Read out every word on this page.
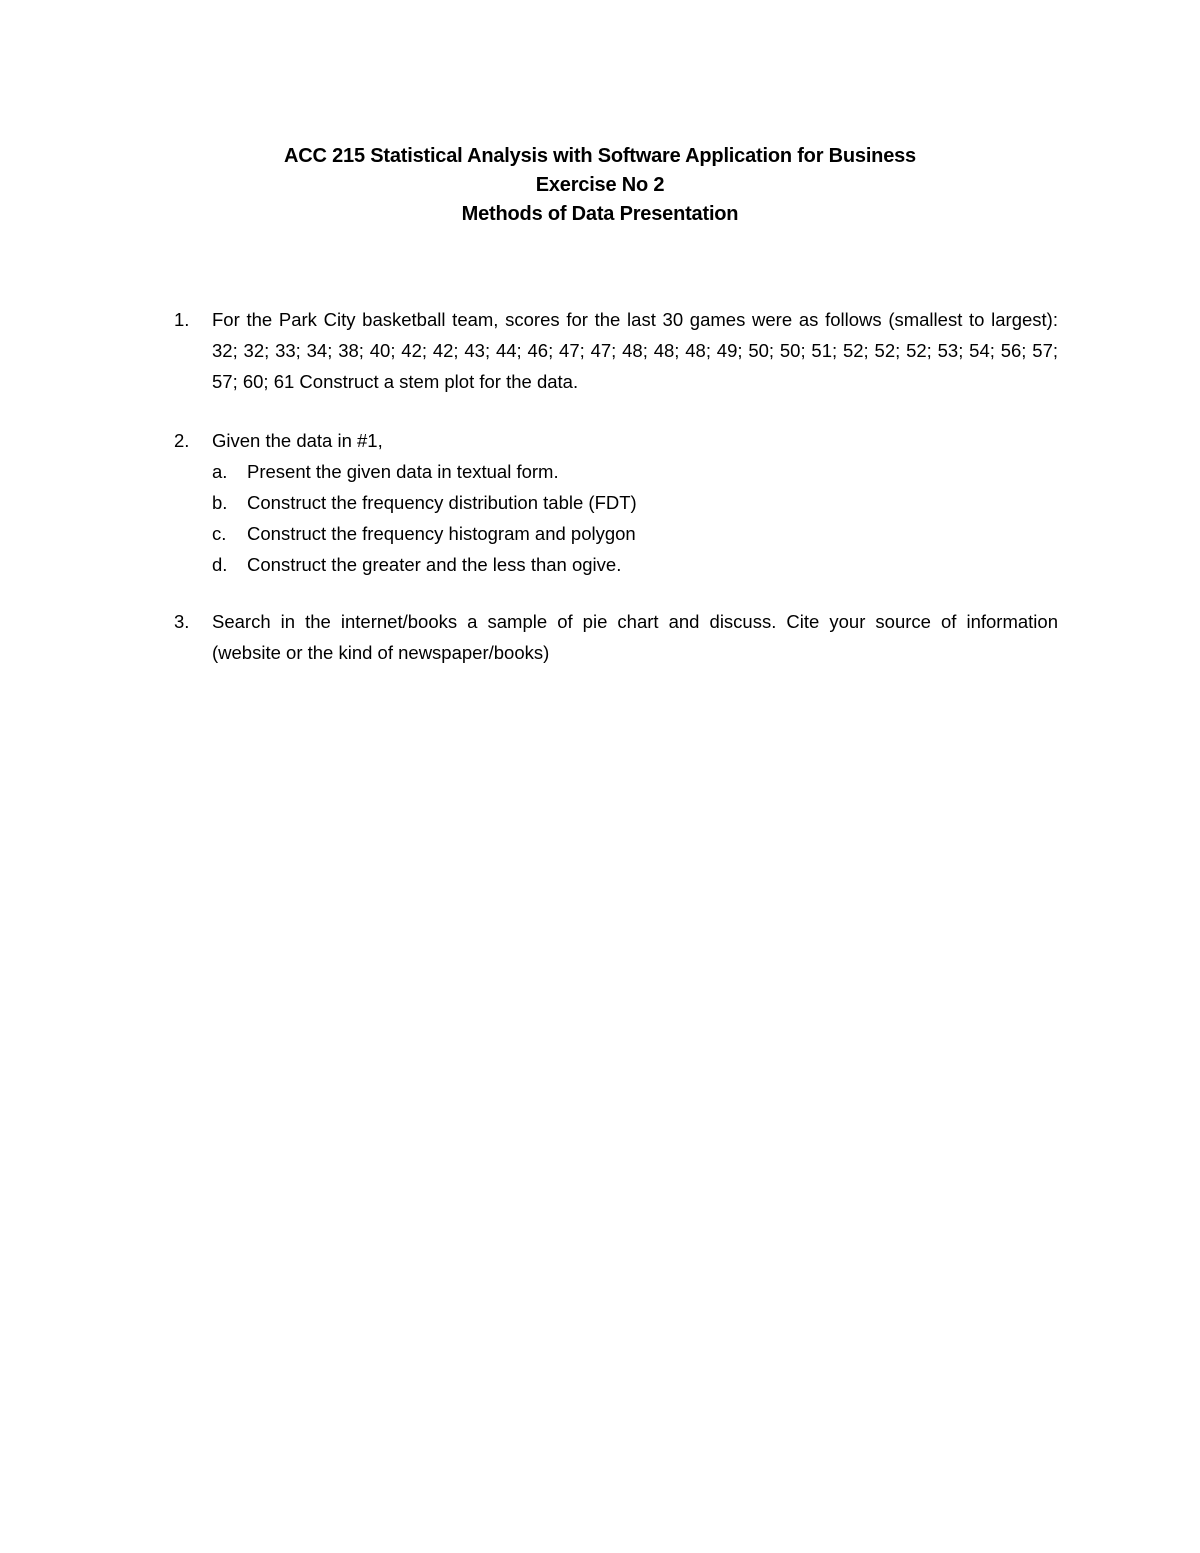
ACC 215 Statistical Analysis with Software Application for Business
Exercise No 2
Methods of Data Presentation
1.	For the Park City basketball team, scores for the last 30 games were as follows (smallest to largest): 32; 32; 33; 34; 38; 40; 42; 42; 43; 44; 46; 47; 47; 48; 48; 48; 49; 50; 50; 51; 52; 52; 52; 53; 54; 56; 57; 57; 60; 61 Construct a stem plot for the data.
2.	Given the data in #1,
a.	Present the given data in textual form.
b.	Construct the frequency distribution table (FDT)
c.	Construct the frequency histogram and polygon
d.	Construct the greater and the less than ogive.
3.	Search in the internet/books a sample of pie chart and discuss. Cite your source of information (website or the kind of newspaper/books)
